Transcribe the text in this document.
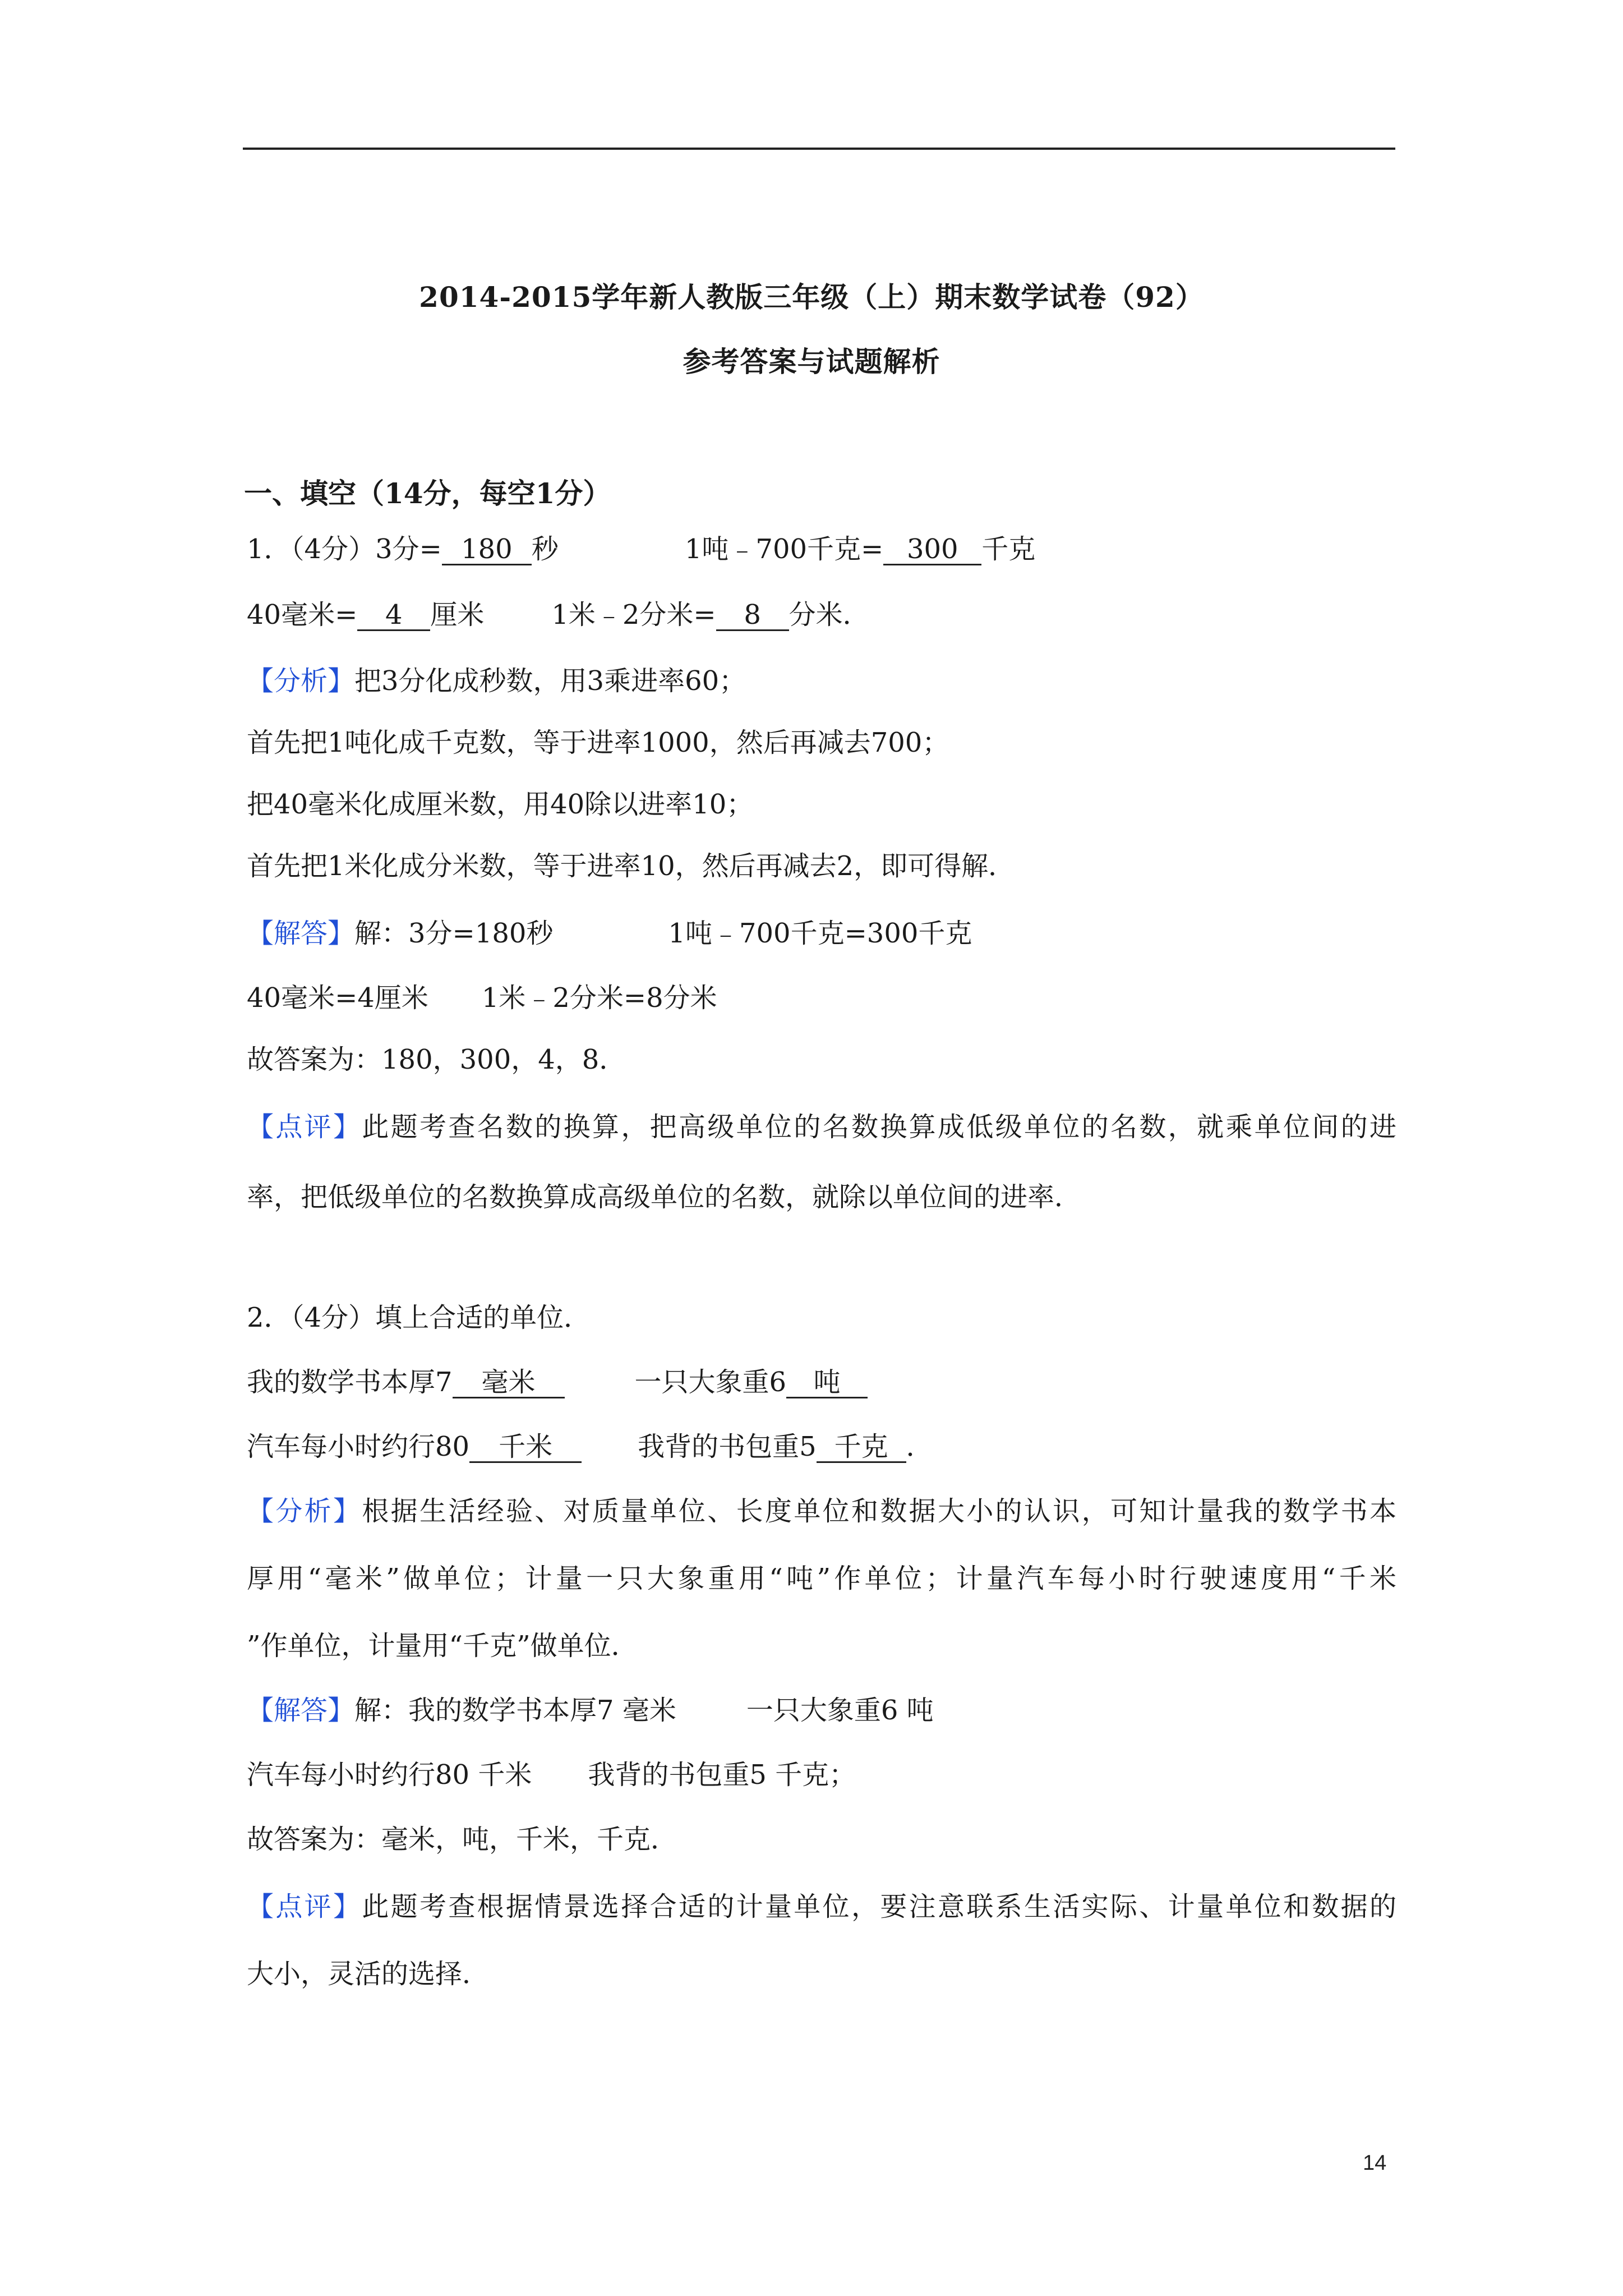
2014-2015学年新人教版三年级（上）期末数学试卷（92）
参考答案与试题解析
一、填空（14分，每空1分）
1．（4分）3分= 180 秒	1吨﹣700千克= 300 千克
40毫米= 4 厘米	1米﹣2分米= 8 分米．
【分析】把3分化成秒数，用3乘进率60；
首先把1吨化成千克数，等于进率1000，然后再减去700；
把40毫米化成厘米数，用40除以进率10；
首先把1米化成分米数，等于进率10，然后再减去2，即可得解．
【解答】解：3分=180秒	1吨﹣700千克=300千克
40毫米=4厘米 1米﹣2分米=8分米
故答案为：180，300，4，8．
【点评】此题考查名数的换算，把高级单位的名数换算成低级单位的名数，就乘单位间的进
率，把低级单位的名数换算成高级单位的名数，就除以单位间的进率．
2．（4分）填上合适的单位．
我的数学书本厚7 毫米	一只大象重6 吨
汽车每小时约行80 千米	我背的书包重5 千克 ．
【分析】根据生活经验、对质量单位、长度单位和数据大小的认识，可知计量我的数学书本
厚用“毫米”做单位；计量一只大象重用“吨”作单位；计量汽车每小时行驶速度用“千米
”作单位，计量用“千克”做单位．
【解答】解：我的数学书本厚7 毫米	一只大象重6 吨
汽车每小时约行80 千米 我背的书包重5 千克；
故答案为：毫米，吨，千米，千克．
【点评】此题考查根据情景选择合适的计量单位，要注意联系生活实际、计量单位和数据的
大小，灵活的选择．
14
